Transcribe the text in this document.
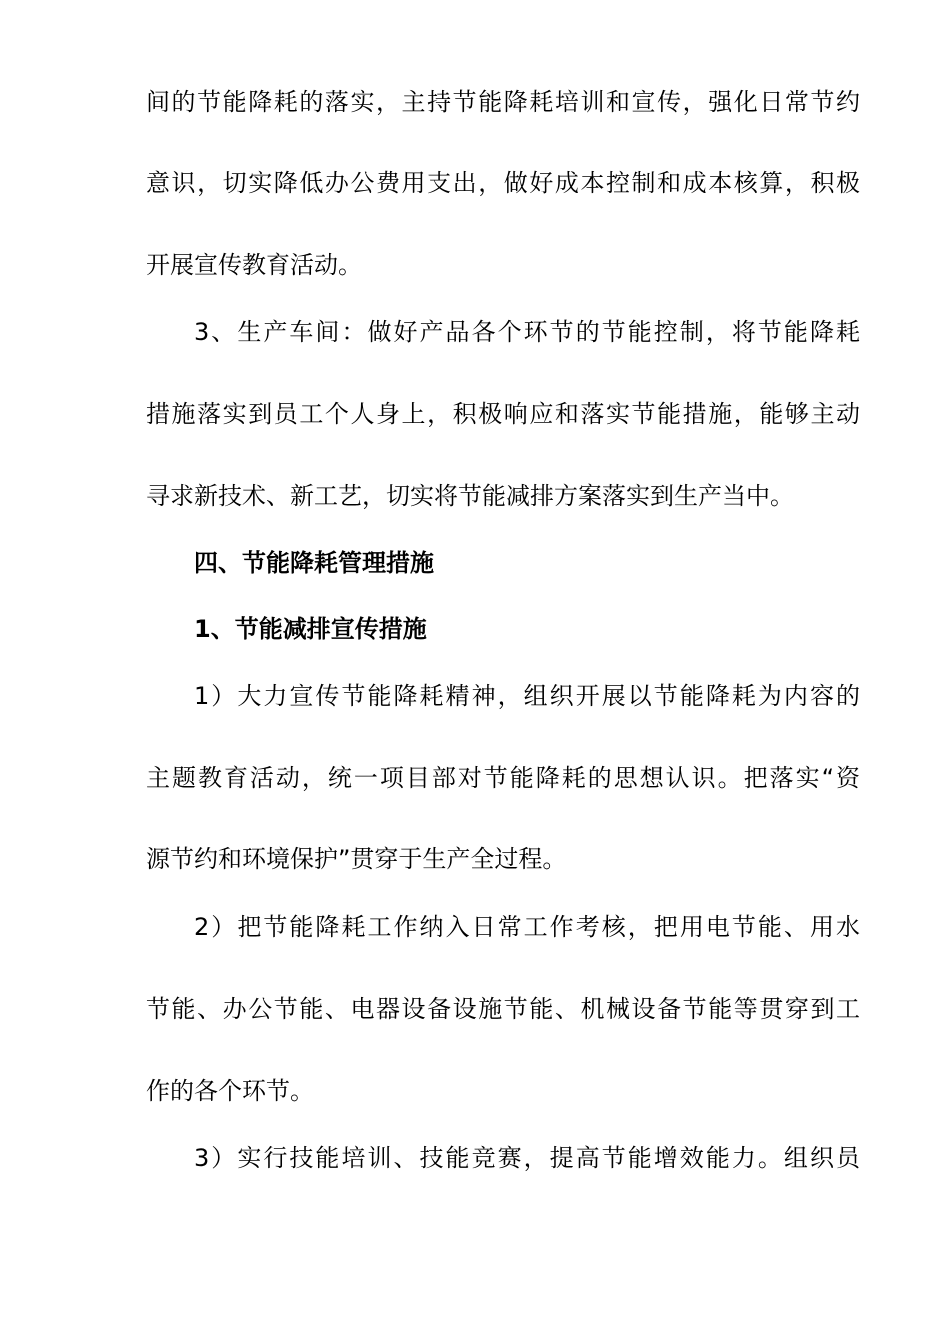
间的节能降耗的落实，主持节能降耗培训和宣传，强化日常节约
意识，切实降低办公费用支出，做好成本控制和成本核算，积极
开展宣传教育活动。
3、生产车间：做好产品各个环节的节能控制，将节能降耗
措施落实到员工个人身上，积极响应和落实节能措施，能够主动
寻求新技术、新工艺，切实将节能减排方案落实到生产当中。
四、节能降耗管理措施
1、节能减排宣传措施
1）大力宣传节能降耗精神，组织开展以节能降耗为内容的
主题教育活动，统一项目部对节能降耗的思想认识。把落实“资
源节约和环境保护”贯穿于生产全过程。
2）把节能降耗工作纳入日常工作考核，把用电节能、用水
节能、办公节能、电器设备设施节能、机械设备节能等贯穿到工
作的各个环节。
3）实行技能培训、技能竞赛，提高节能增效能力。组织员
